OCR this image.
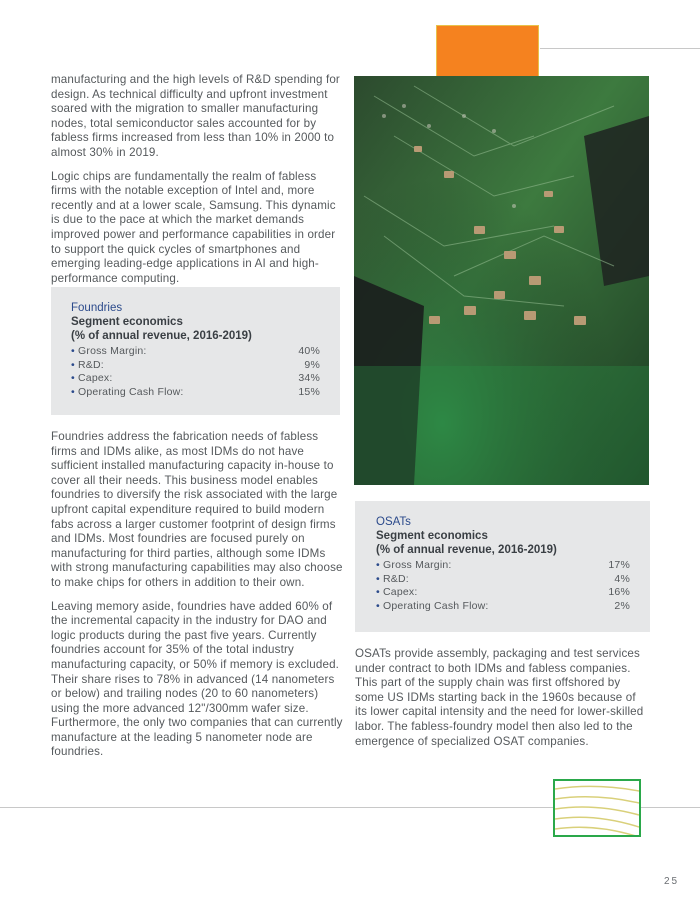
manufacturing and the high levels of R&D spending for design. As technical difficulty and upfront investment soared with the migration to smaller manufacturing nodes, total semiconductor sales accounted for by fabless firms increased from less than 10% in 2000 to almost 30% in 2019.

Logic chips are fundamentally the realm of fabless firms with the notable exception of Intel and, more recently and at a lower scale, Samsung. This dynamic is due to the pace at which the market demands improved power and performance capabilities in order to support the quick cycles of smartphones and emerging leading-edge applications in AI and high-performance computing.

Foundries
Segment economics
(% of annual revenue, 2016-2019)
• Gross Margin:	40%
• R&D:	9%
• Capex:	34%
• Operating Cash Flow:	15%

Foundries address the fabrication needs of fabless firms and IDMs alike, as most IDMs do not have sufficient installed manufacturing capacity in-house to cover all their needs. This business model enables foundries to diversify the risk associated with the large upfront capital expenditure required to build modern fabs across a larger customer footprint of design firms and IDMs. Most foundries are focused purely on manufacturing for third parties, although some IDMs with strong manufacturing capabilities may also choose to make chips for others in addition to their own.

Leaving memory aside, foundries have added 60% of the incremental capacity in the industry for DAO and logic products during the past five years. Currently foundries account for 35% of the total industry manufacturing capacity, or 50% if memory is excluded. Their share rises to 78% in advanced (14 nanometers or below) and trailing nodes (20 to 60 nanometers) using the more advanced 12"/300mm wafer size. Furthermore, the only two companies that can currently manufacture at the leading 5 nanometer node are foundries.

OSATs
Segment economics
(% of annual revenue, 2016-2019)
• Gross Margin:	17%
• R&D:	4%
• Capex:	16%
• Operating Cash Flow:	2%

OSATs provide assembly, packaging and test services under contract to both IDMs and fabless companies. This part of the supply chain was first offshored by some US IDMs starting back in the 1960s because of its lower capital intensity and the need for lower-skilled labor. The fabless-foundry model then also led to the emergence of specialized OSAT companies.

25
